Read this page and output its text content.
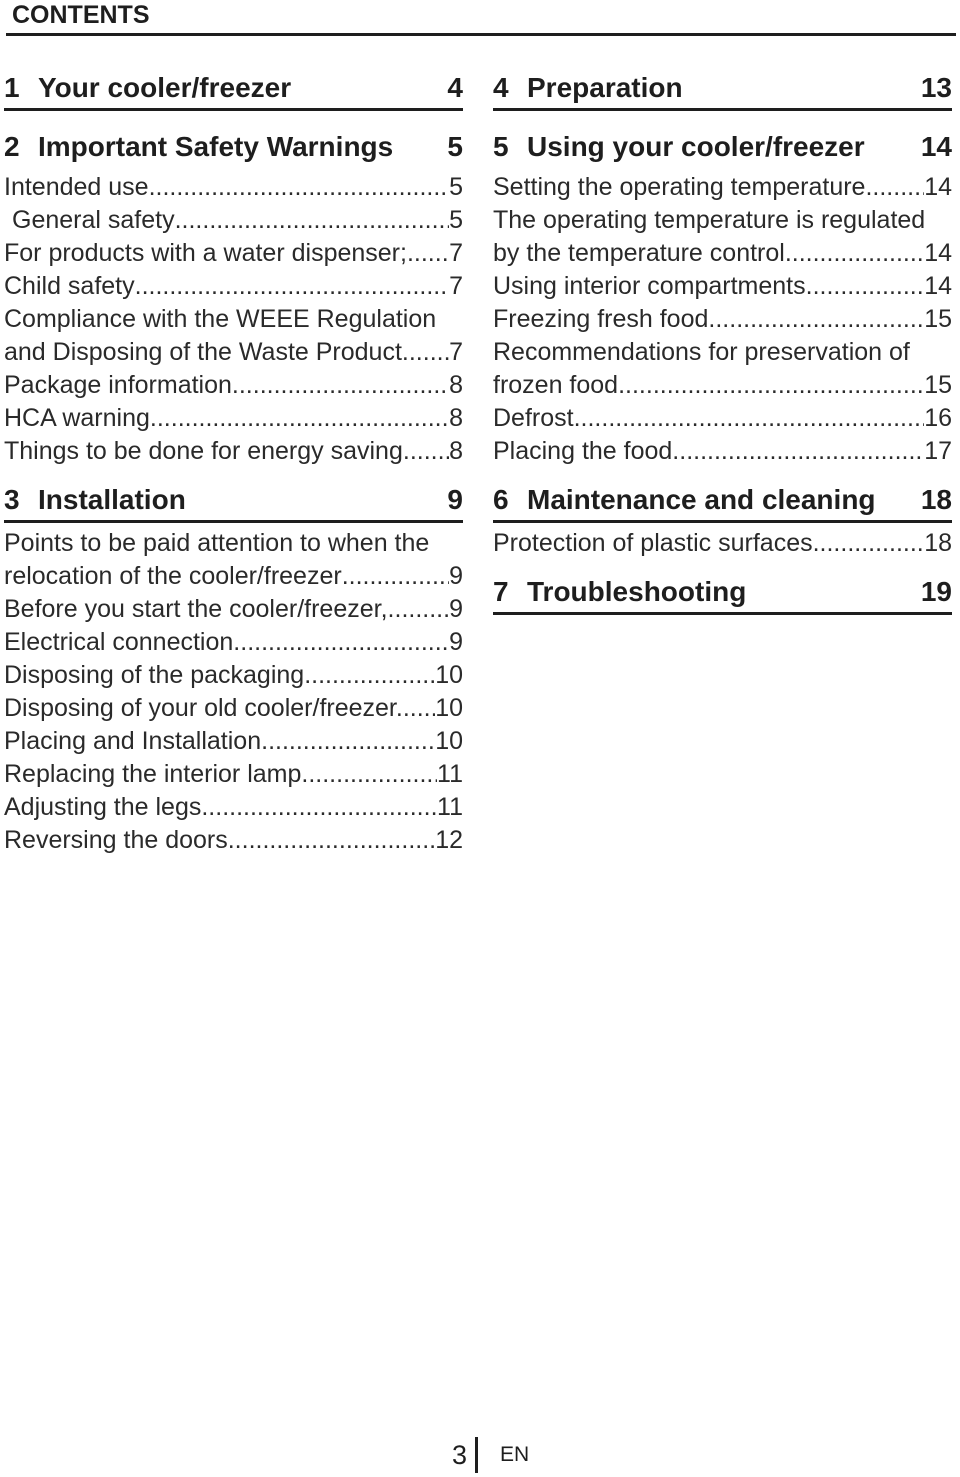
CONTENTS
1 Your cooler/freezer	4
2 Important Safety Warnings 5
Intended use .....	5
General safety .....	5
For products with a water dispenser; ..... 7
Child safety .....	7
Compliance with the WEEE Regulation
and Disposing of the Waste Product. ..... 7
Package information .....	8
HCA warning .....	8
Things to be done for energy saving ..... 8
3 Installation	9
Points to be paid attention to when the
relocation of the cooler/freezer .....	9
Before you start the cooler/freezer, ..... 9
Electrical connection .....	9
Disposing of the packaging .....	10
Disposing of your old cooler/freezer. ..... 10
Placing and Installation .....	10
Replacing the interior lamp .....	11
Adjusting the legs .....	11
Reversing the doors .....	12
4 Preparation	13
5 Using your cooler/freezer 14
Setting the operating temperature ..... 14
The operating temperature is regulated
by the temperature control .....	14
Using interior compartments .....	14
Freezing fresh food .....	15
Recommendations for preservation of
frozen food .....	15
Defrost .....	16
Placing the food .....	17
6 Maintenance and cleaning 18
Protection of plastic surfaces .....	18
7 Troubleshooting	19
3	EN
